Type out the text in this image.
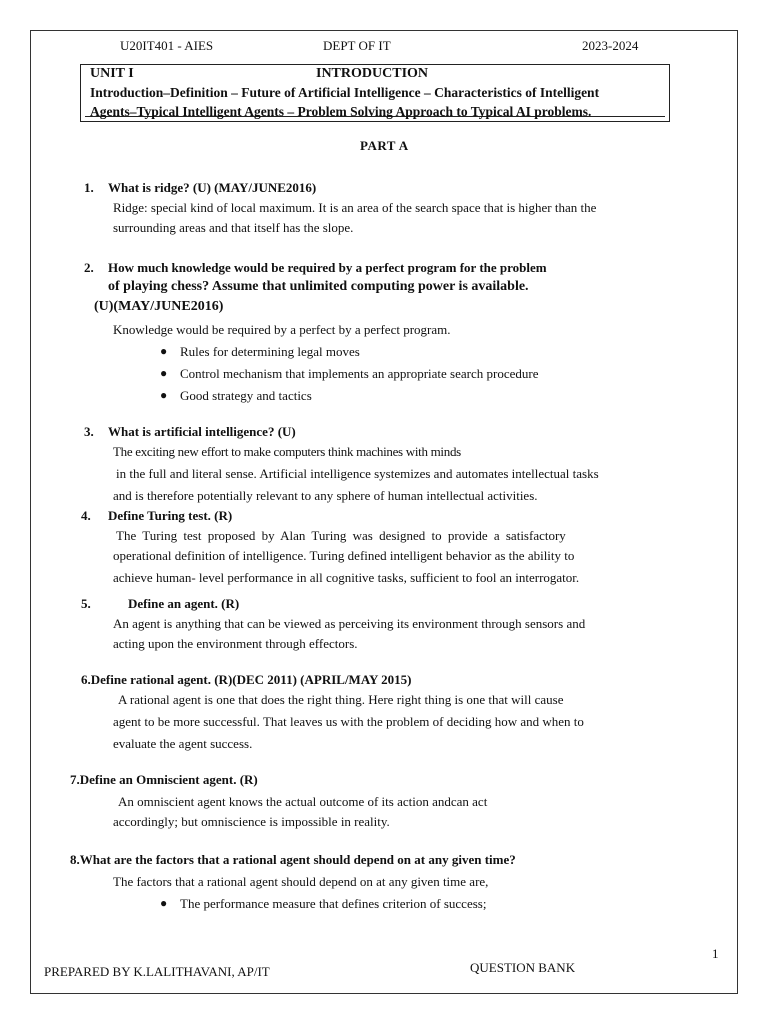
U20IT401 - AIES	DEPT OF IT	2023-2024
UNIT I	INTRODUCTION
Introduction–Definition – Future of Artificial Intelligence – Characteristics of Intelligent
Agents–Typical Intelligent Agents – Problem Solving Approach to Typical AI problems.
PART A
1. What is ridge? (U) (MAY/JUNE2016)
Ridge: special kind of local maximum. It is an area of the search space that is higher than the
surrounding areas and that itself has the slope.
2. How much knowledge would be required by a perfect program for the problem
of playing chess? Assume that unlimited computing power is available.
(U)(MAY/JUNE2016)
Knowledge would be required by a perfect by a perfect program.
● Rules for determining legal moves
● Control mechanism that implements an appropriate search procedure
● Good strategy and tactics
3. What is artificial intelligence? (U)
The exciting new effort to make computers think machines with minds
in the full and literal sense. Artificial intelligence systemizes and automates intellectual tasks
and is therefore potentially relevant to any sphere of human intellectual activities.
4. Define Turing test. (R)
The Turing test proposed by Alan Turing was designed to provide a satisfactory
operational definition of intelligence. Turing defined intelligent behavior as the ability to
achieve human- level performance in all cognitive tasks, sufficient to fool an interrogator.
5.	Define an agent. (R)
An agent is anything that can be viewed as perceiving its environment through sensors and
acting upon the environment through effectors.
6.Define rational agent. (R)(DEC 2011) (APRIL/MAY 2015)
A rational agent is one that does the right thing. Here right thing is one that will cause
agent to be more successful. That leaves us with the problem of deciding how and when to
evaluate the agent success.
7.Define an Omniscient agent. (R)
An omniscient agent knows the actual outcome of its action andcan act
accordingly; but omniscience is impossible in reality.
8.What are the factors that a rational agent should depend on at any given time?
The factors that a rational agent should depend on at any given time are,
● The performance measure that defines criterion of success;
1
PREPARED BY K.LALITHAVANI, AP/IT	QUESTION BANK
